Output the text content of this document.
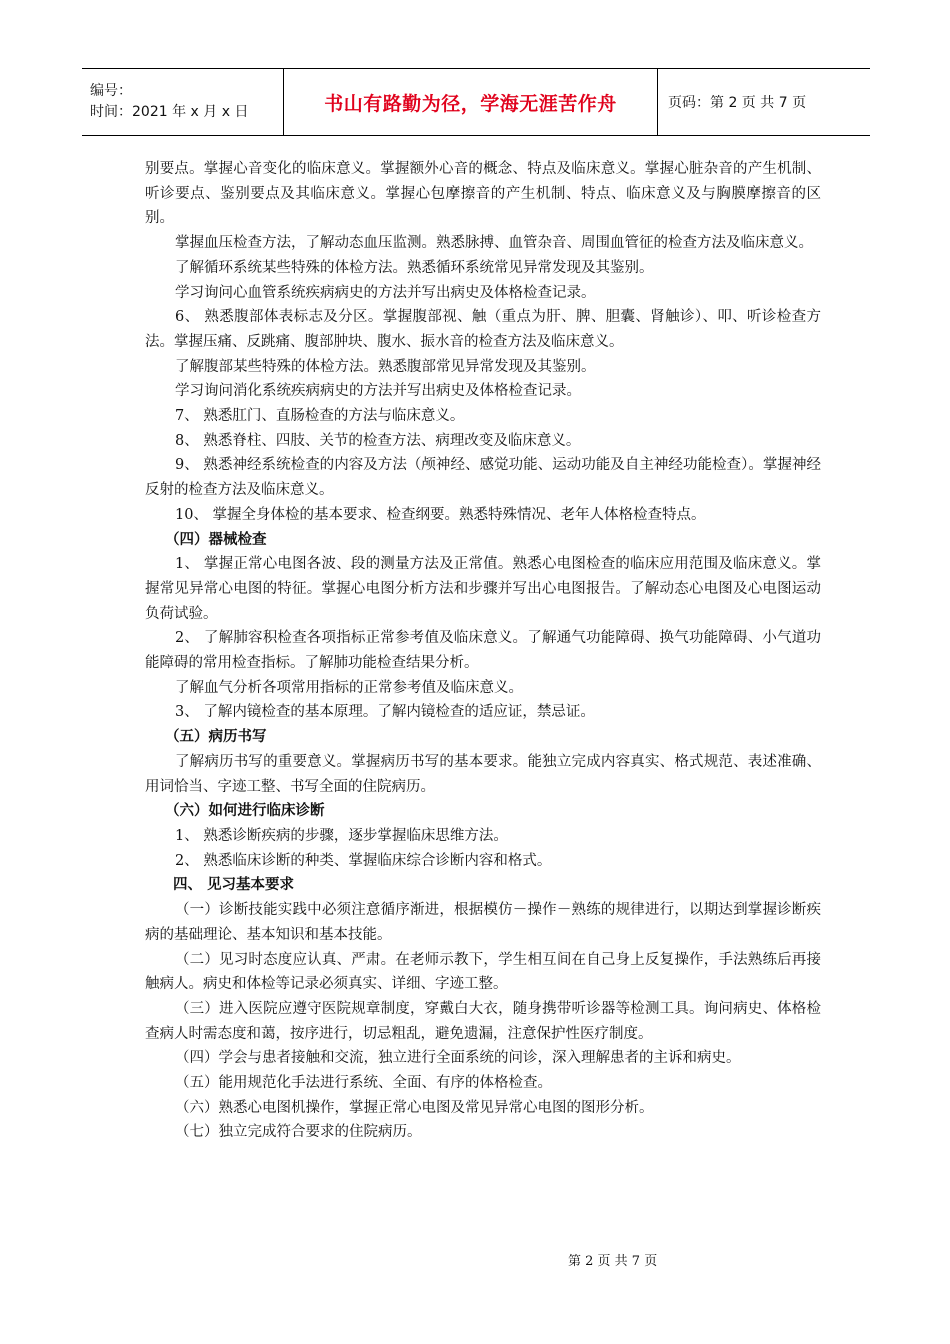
编号：
时间：2021 年 x 月 x 日	书山有路勤为径，学海无涯苦作舟	页码：第 2 页 共 7 页

别要点。掌握心音变化的临床意义。掌握额外心音的概念、特点及临床意义。掌握心脏杂音的产生机制、听诊要点、鉴别要点及其临床意义。掌握心包摩擦音的产生机制、特点、临床意义及与胸膜摩擦音的区别。

掌握血压检查方法，了解动态血压监测。熟悉脉搏、血管杂音、周围血管征的检查方法及临床意义。

了解循环系统某些特殊的体检方法。熟悉循环系统常见异常发现及其鉴别。

学习询问心血管系统疾病病史的方法并写出病史及体格检查记录。

6、 熟悉腹部体表标志及分区。掌握腹部视、触（重点为肝、脾、胆囊、肾触诊）、叩、听诊检查方法。掌握压痛、反跳痛、腹部肿块、腹水、振水音的检查方法及临床意义。

了解腹部某些特殊的体检方法。熟悉腹部常见异常发现及其鉴别。

学习询问消化系统疾病病史的方法并写出病史及体格检查记录。

7、 熟悉肛门、直肠检查的方法与临床意义。

8、 熟悉脊柱、四肢、关节的检查方法、病理改变及临床意义。

9、 熟悉神经系统检查的内容及方法（颅神经、感觉功能、运动功能及自主神经功能检查）。掌握神经反射的检查方法及临床意义。

10、 掌握全身体检的基本要求、检查纲要。熟悉特殊情况、老年人体格检查特点。

（四）器械检查

1、 掌握正常心电图各波、段的测量方法及正常值。熟悉心电图检查的临床应用范围及临床意义。掌握常见异常心电图的特征。掌握心电图分析方法和步骤并写出心电图报告。了解动态心电图及心电图运动负荷试验。

2、 了解肺容积检查各项指标正常参考值及临床意义。了解通气功能障碍、换气功能障碍、小气道功能障碍的常用检查指标。了解肺功能检查结果分析。

了解血气分析各项常用指标的正常参考值及临床意义。

3、 了解内镜检查的基本原理。了解内镜检查的适应证，禁忌证。

（五）病历书写

了解病历书写的重要意义。掌握病历书写的基本要求。能独立完成内容真实、格式规范、表述准确、用词恰当、字迹工整、书写全面的住院病历。

（六）如何进行临床诊断

1、 熟悉诊断疾病的步骤，逐步掌握临床思维方法。

2、 熟悉临床诊断的种类、掌握临床综合诊断内容和格式。

四、 见习基本要求

（一）诊断技能实践中必须注意循序渐进，根据模仿－操作－熟练的规律进行，以期达到掌握诊断疾病的基础理论、基本知识和基本技能。

（二）见习时态度应认真、严肃。在老师示教下，学生相互间在自己身上反复操作，手法熟练后再接触病人。病史和体检等记录必须真实、详细、字迹工整。

（三）进入医院应遵守医院规章制度，穿戴白大衣，随身携带听诊器等检测工具。询问病史、体格检查病人时需态度和蔼，按序进行，切忌粗乱，避免遗漏，注意保护性医疗制度。

（四）学会与患者接触和交流，独立进行全面系统的问诊，深入理解患者的主诉和病史。

（五）能用规范化手法进行系统、全面、有序的体格检查。

（六）熟悉心电图机操作，掌握正常心电图及常见异常心电图的图形分析。

（七）独立完成符合要求的住院病历。

第 2 页 共 7 页
